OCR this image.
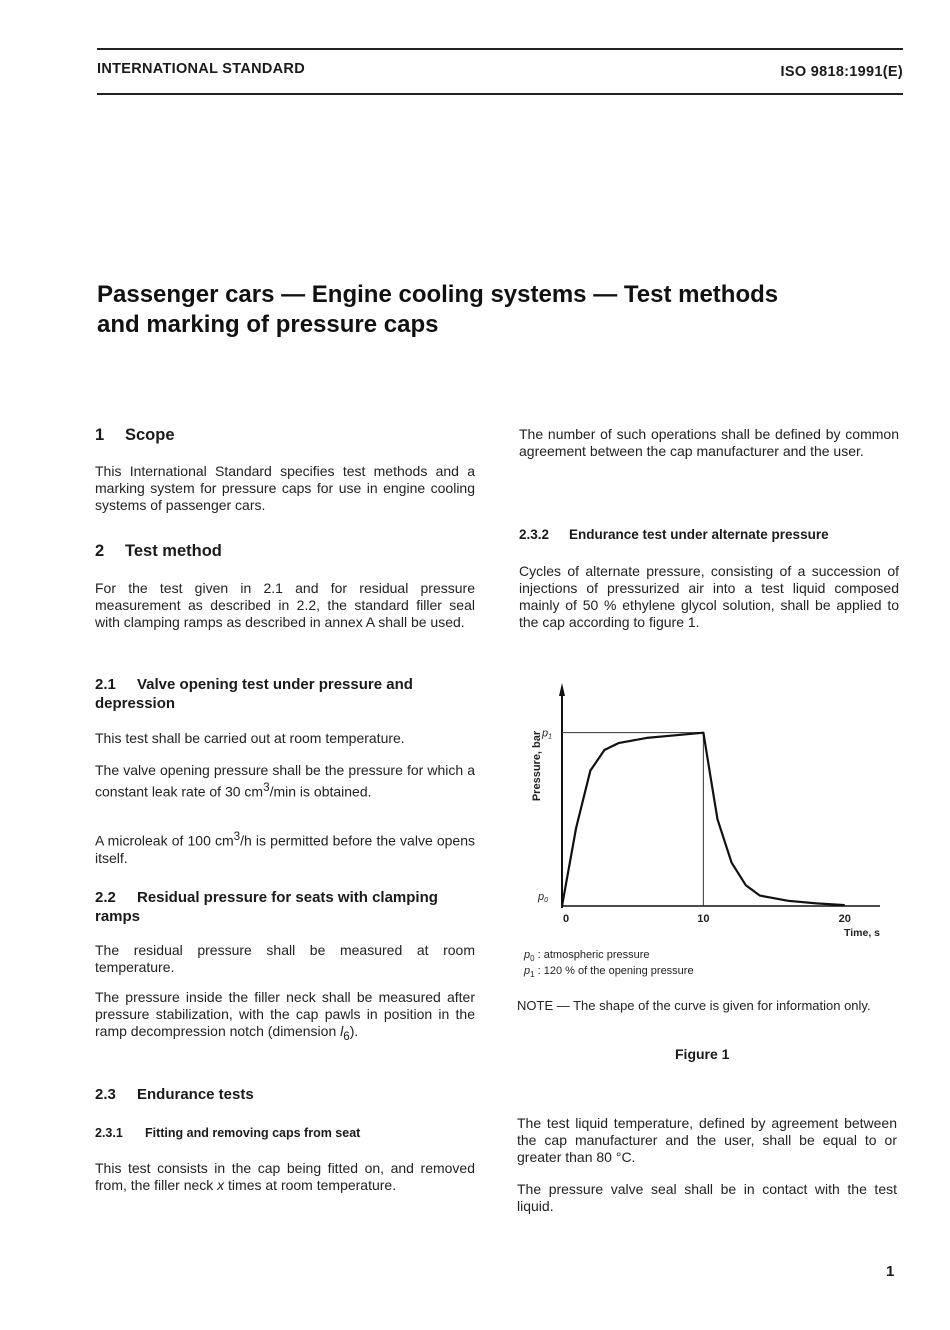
INTERNATIONAL STANDARD	ISO 9818:1991(E)
Passenger cars — Engine cooling systems — Test methods
and marking of pressure caps
1 Scope
This International Standard specifies test methods and a marking system for pressure caps for use in engine cooling systems of passenger cars.
2 Test method
For the test given in 2.1 and for residual pressure measurement as described in 2.2, the standard filler seal with clamping ramps as described in annex A shall be used.
2.1 Valve opening test under pressure and depression
This test shall be carried out at room temperature.
The valve opening pressure shall be the pressure for which a constant leak rate of 30 $cm^3/\min$ is obtained.
A microleak of 100 $cm^3/h$ is permitted before the valve opens itself.
2.2 Residual pressure for seats with clamping ramps
The residual pressure shall be measured at room temperature.
The pressure inside the filler neck shall be measured after pressure stabilization, with the cap pawls in position in the ramp decompression notch (dimension $l_6$).
2.3 Endurance tests
2.3.1 Fitting and removing caps from seat
This test consists in the cap being fitted on, and removed from, the filler neck x times at room temperature.
The number of such operations shall be defined by common agreement between the cap manufacturer and the user.
2.3.2 Endurance test under alternate pressure
Cycles of alternate pressure, consisting of a succession of injections of pressurized air into a test liquid composed mainly of 50 % ethylene glycol solution, shall be applied to the cap according to figure 1.
Pressure, bar p1
p0
0	10	20
Time, s
$p_0$ : atmospheric pressure
$p_1$ : 120 % of the opening pressure
NOTE — The shape of the curve is given for information only.
Figure 1
The test liquid temperature, defined by agreement between the cap manufacturer and the user, shall be equal to or greater than 80 °C.
The pressure valve seal shall be in contact with the test liquid.
1
